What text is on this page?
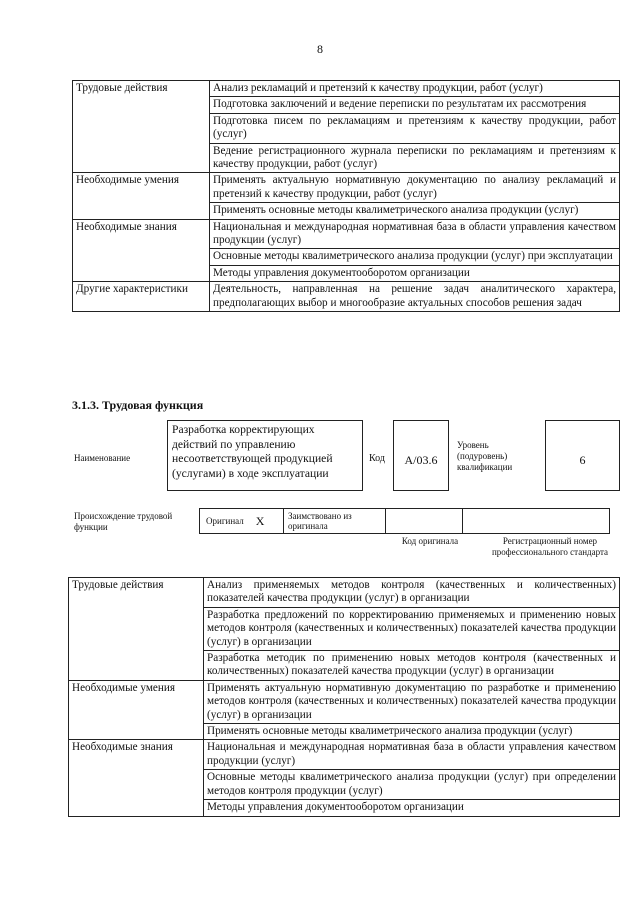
8
Трудовые действия	Анализ рекламаций и претензий к качеству продукции, работ (услуг)
	Подготовка заключений и ведение переписки по результатам их рассмотрения
	Подготовка писем по рекламациям и претензиям к качеству продукции, работ (услуг)
	Ведение регистрационного журнала переписки по рекламациям и претензиям к качеству продукции, работ (услуг)
Необходимые умения	Применять актуальную нормативную документацию по анализу рекламаций и претензий к качеству продукции, работ (услуг)
	Применять основные методы квалиметрического анализа продукции (услуг)
Необходимые знания	Национальная и международная нормативная база в области управления качеством продукции (услуг)
	Основные методы квалиметрического анализа продукции (услуг) при эксплуатации
	Методы управления документооборотом организации
Другие характеристики	Деятельность, направленная на решение задач аналитического характера, предполагающих выбор и многообразие актуальных способов решения задач
3.1.3. Трудовая функция
Наименование
Разработка корректирующих действий по управлению несоответствующей продукцией (услугами) в ходе эксплуатации
Код	A/03.6
Уровень (подуровень) квалификации	6
Происхождение трудовой функции
Оригинал X	Заимствовано из оригинала
Код оригинала	Регистрационный номер профессионального стандарта
Трудовые действия	Анализ применяемых методов контроля (качественных и количественных) показателей качества продукции (услуг) в организации
	Разработка предложений по корректированию применяемых и применению новых методов контроля (качественных и количественных) показателей качества продукции (услуг) в организации
	Разработка методик по применению новых методов контроля (качественных и количественных) показателей качества продукции (услуг) в организации
Необходимые умения	Применять актуальную нормативную документацию по разработке и применению методов контроля (качественных и количественных) показателей качества продукции (услуг) в организации
	Применять основные методы квалиметрического анализа продукции (услуг)
Необходимые знания	Национальная и международная нормативная база в области управления качеством продукции (услуг)
	Основные методы квалиметрического анализа продукции (услуг) при определении методов контроля продукции (услуг)
	Методы управления документооборотом организации
